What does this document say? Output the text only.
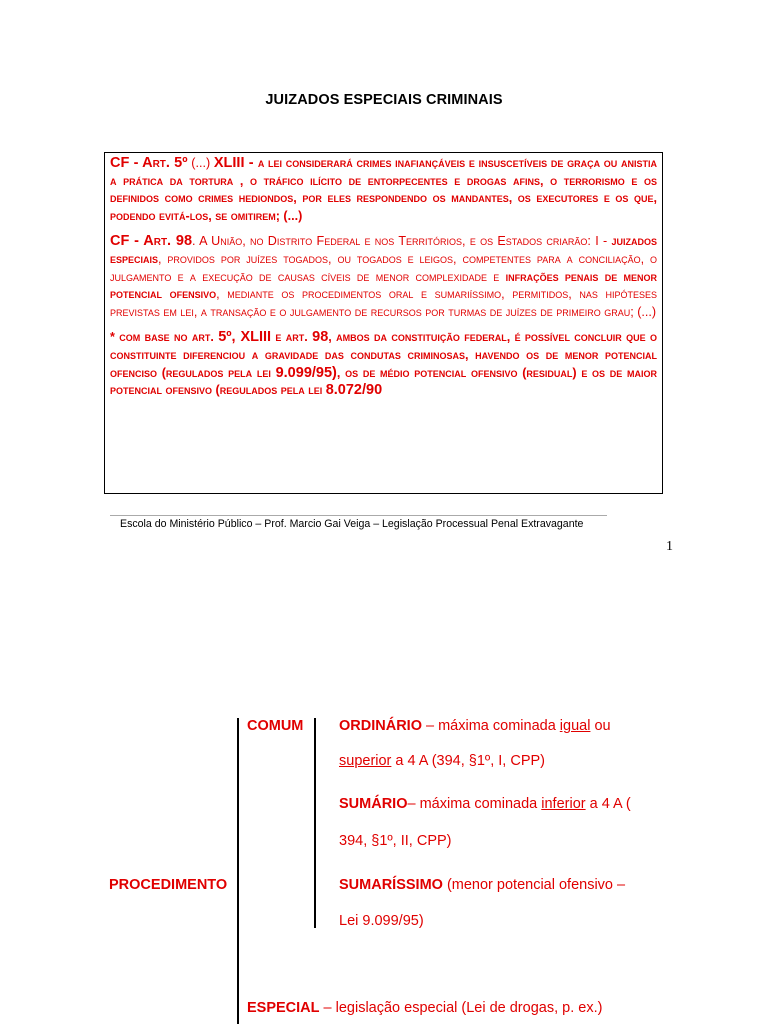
JUIZADOS ESPECIAIS CRIMINAIS

CF - Art. 5º (...) XLIII - a lei considerará crimes inafiançáveis e insuscetíveis de graça ou anistia a prática da tortura , o tráfico ilícito de entorpecentes e drogas afins, o terrorismo e os definidos como crimes hediondos, por eles respondendo os mandantes, os executores e os que, podendo evitá-los, se omitirem; (...)

CF - Art. 98. A União, no Distrito Federal e nos Territórios, e os Estados criarão: I - juizados especiais, providos por juízes togados, ou togados e leigos, competentes para a conciliação, o julgamento e a execução de causas cíveis de menor complexidade e infrações penais de menor potencial ofensivo, mediante os procedimentos oral e sumariíssimo, permitidos, nas hipóteses previstas em lei, a transação e o julgamento de recursos por turmas de juízes de primeiro grau; (...)

* com base no art. 5º, XLIII e art. 98, ambos da constituição federal, é possível concluir que o constituinte diferenciou a gravidade das condutas criminosas, havendo os de menor potencial ofenciso (regulados pela lei 9.099/95), os de médio potencial ofensivo (residual) e os de maior potencial ofensivo (regulados pela lei 8.072/90

Escola do Ministério Público – Prof. Marcio Gai Veiga – Legislação Processual Penal Extravagante
1
PROCEDIMENTO
COMUM ORDINÁRIO – máxima cominada igual ou
superior a 4 A (394, §1º, I, CPP)
SUMÁRIO– máxima cominada inferior a 4 A (
394, §1º, II, CPP)
SUMARÍSSIMO (menor potencial ofensivo –
Lei 9.099/95)
ESPECIAL – legislação especial (Lei de drogas, p. ex.)
